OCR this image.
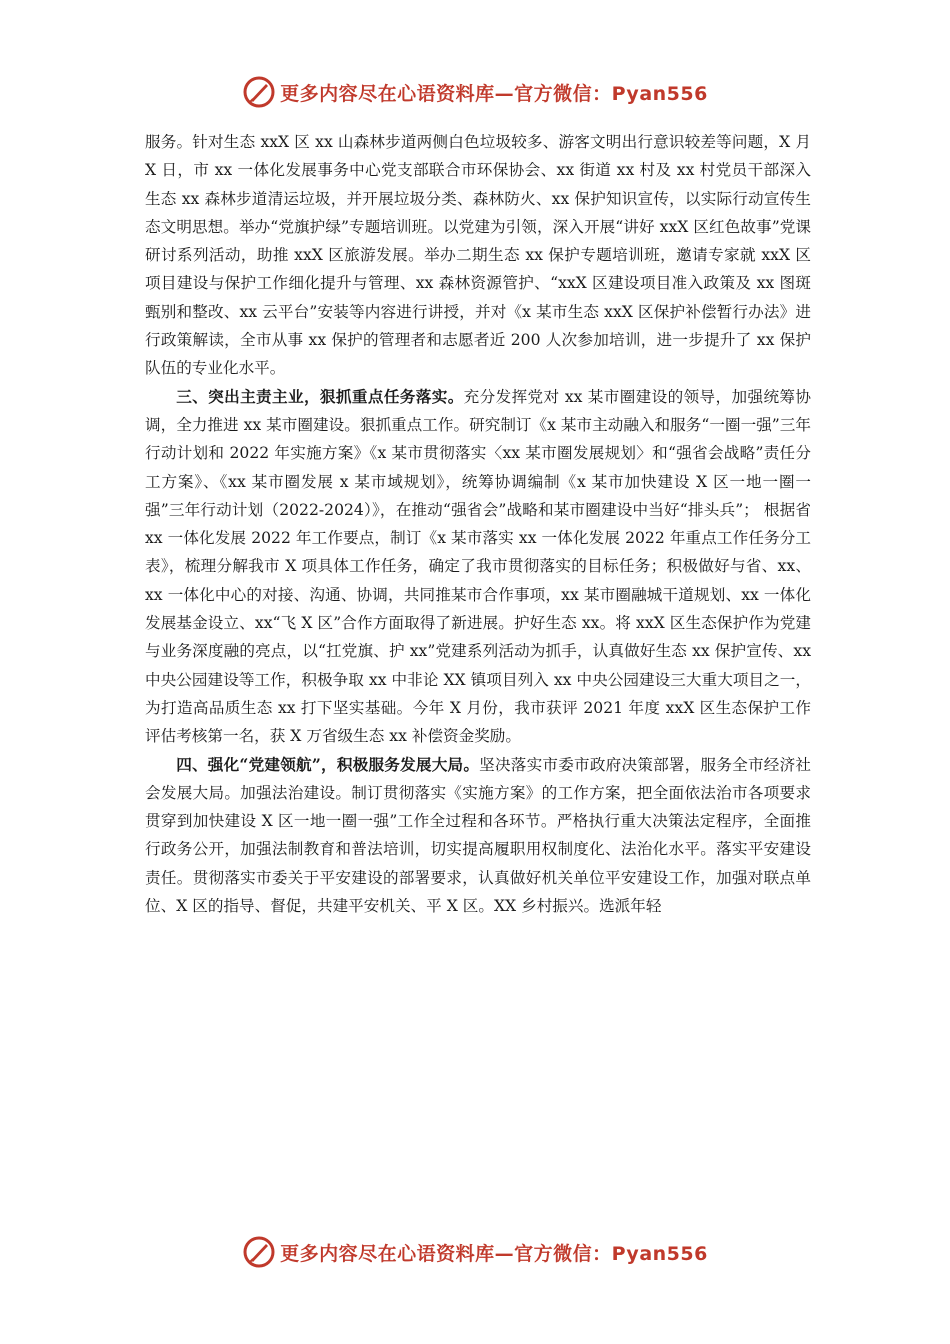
更多内容尽在心语资料库—官方微信：Pyan556

服务。针对生态 xxX 区 xx 山森林步道两侧白色垃圾较多、游客文明出行意识较差等问题，X 月 X 日，市 xx 一体化发展事务中心党支部联合市环保协会、xx 街道 xx 村及 xx 村党员干部深入生态 xx 森林步道清运垃圾，并开展垃圾分类、森林防火、xx 保护知识宣传，以实际行动宣传生态文明思想。举办“党旗护绿”专题培训班。以党建为引领，深入开展“讲好 xxX 区红色故事”党课研讨系列活动，助推 xxX 区旅游发展。举办二期生态 xx 保护专题培训班，邀请专家就 xxX 区项目建设与保护工作细化提升与管理、xx 森林资源管护、“xxX 区建设项目准入政策及 xx 图斑甄别和整改、xx 云平台”安装等内容进行讲授，并对《x 某市生态 xxX 区保护补偿暂行办法》进行政策解读，全市从事 xx 保护的管理者和志愿者近 200 人次参加培训，进一步提升了 xx 保护队伍的专业化水平。

三、突出主责主业，狠抓重点任务落实。充分发挥党对 xx 某市圈建设的领导，加强统筹协调，全力推进 xx 某市圈建设。狠抓重点工作。研究制订《x 某市主动融入和服务“一圈一强”三年行动计划和 2022 年实施方案》《x 某市贯彻落实〈xx 某市圈发展规划〉和“强省会战略”责任分工方案》、《xx 某市圈发展 x 某市域规划》，统筹协调编制《x 某市加快建设 X 区一地一圈一强”三年行动计划（2022-2024）》，在推动“强省会”战略和某市圈建设中当好“排头兵”； 根据省 xx 一体化发展 2022 年工作要点，制订《x 某市落实 xx 一体化发展 2022 年重点工作任务分工表》，梳理分解我市 X 项具体工作任务，确定了我市贯彻落实的目标任务；积极做好与省、xx、xx 一体化中心的对接、沟通、协调，共同推某市合作事项，xx 某市圈融城干道规划、xx 一体化发展基金设立、xx“飞 X 区”合作方面取得了新进展。护好生态 xx。将 xxX 区生态保护作为党建与业务深度融的亮点，以“扛党旗、护 xx”党建系列活动为抓手，认真做好生态 xx 保护宣传、xx 中央公园建设等工作，积极争取 xx 中非论 XX 镇项目列入 xx 中央公园建设三大重大项目之一，为打造高品质生态 xx 打下坚实基础。今年 X 月份，我市获评 2021 年度 xxX 区生态保护工作评估考核第一名，获 X 万省级生态 xx 补偿资金奖励。

四、强化“党建领航”，积极服务发展大局。坚决落实市委市政府决策部署，服务全市经济社会发展大局。加强法治建设。制订贯彻落实《实施方案》的工作方案，把全面依法治市各项要求贯穿到加快建设 X 区一地一圈一强”工作全过程和各环节。严格执行重大决策法定程序，全面推行政务公开，加强法制教育和普法培训，切实提高履职用权制度化、法治化水平。落实平安建设责任。贯彻落实市委关于平安建设的部署要求，认真做好机关单位平安建设工作，加强对联点单位、X 区的指导、督促，共建平安机关、平 X 区。XX 乡村振兴。选派年轻

更多内容尽在心语资料库—官方微信：Pyan556
